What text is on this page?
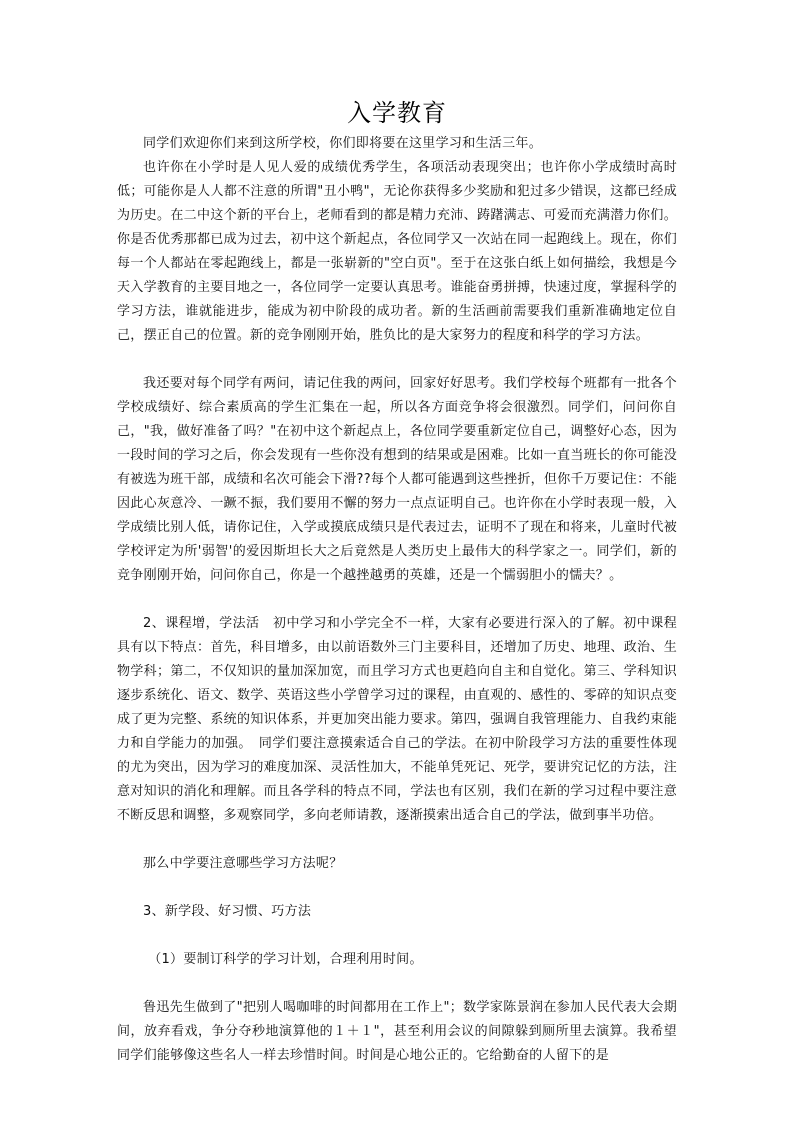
入学教育

同学们欢迎你们来到这所学校，你们即将要在这里学习和生活三年。

也许你在小学时是人见人爱的成绩优秀学生，各项活动表现突出；也许你小学成绩时高时低；可能你是人人都不注意的所谓"丑小鸭"，无论你获得多少奖励和犯过多少错误，这都已经成为历史。在二中这个新的平台上，老师看到的都是精力充沛、踌躇满志、可爱而充满潜力你们。你是否优秀那都已成为过去，初中这个新起点，各位同学又一次站在同一起跑线上。现在，你们每一个人都站在零起跑线上，都是一张崭新的"空白页"。至于在这张白纸上如何描绘，我想是今天入学教育的主要目地之一，各位同学一定要认真思考。谁能奋勇拼搏，快速过度，掌握科学的学习方法，谁就能进步，能成为初中阶段的成功者。新的生活画前需要我们重新准确地定位自己，摆正自己的位置。新的竞争刚刚开始，胜负比的是大家努力的程度和科学的学习方法。

我还要对每个同学有两问，请记住我的两问，回家好好思考。我们学校每个班都有一批各个学校成绩好、综合素质高的学生汇集在一起，所以各方面竞争将会很激烈。同学们，问问你自己，"我，做好准备了吗？"在初中这个新起点上，各位同学要重新定位自己，调整好心态，因为一段时间的学习之后，你会发现有一些你没有想到的结果或是困难。比如一直当班长的你可能没有被选为班干部，成绩和名次可能会下滑??每个人都可能遇到这些挫折，但你千万要记住：不能因此心灰意冷、一蹶不振，我们要用不懈的努力一点点证明自己。也许你在小学时表现一般，入学成绩比别人低，请你记住，入学或摸底成绩只是代表过去，证明不了现在和将来，儿童时代被学校评定为所'弱智'的爱因斯坦长大之后竟然是人类历史上最伟大的科学家之一。同学们，新的竞争刚刚开始，问问你自己，你是一个越挫越勇的英雄，还是一个懦弱胆小的懦夫？。

2、课程增，学法活　初中学习和小学完全不一样，大家有必要进行深入的了解。初中课程具有以下特点：首先，科目增多，由以前语数外三门主要科目，还增加了历史、地理、政治、生物学科；第二，不仅知识的量加深加宽，而且学习方式也更趋向自主和自觉化。第三、学科知识逐步系统化、语文、数学、英语这些小学曾学习过的课程，由直观的、感性的、零碎的知识点变成了更为完整、系统的知识体系，并更加突出能力要求。第四，强调自我管理能力、自我约束能力和自学能力的加强。　同学们要注意摸索适合自己的学法。在初中阶段学习方法的重要性体现的尤为突出，因为学习的难度加深、灵活性加大，不能单凭死记、死学，要讲究记忆的方法，注意对知识的消化和理解。而且各学科的特点不同，学法也有区别，我们在新的学习过程中要注意不断反思和调整，多观察同学，多向老师请教，逐渐摸索出适合自己的学法，做到事半功倍。

那么中学要注意哪些学习方法呢？

3、新学段、好习惯、巧方法

（1）要制订科学的学习计划，合理利用时间。

鲁迅先生做到了"把别人喝咖啡的时间都用在工作上"；数学家陈景润在参加人民代表大会期间，放弃看戏，争分夺秒地演算他的１＋１"，甚至利用会议的间隙躲到厕所里去演算。我希望同学们能够像这些名人一样去珍惜时间。时间是心地公正的。它给勤奋的人留下的是
